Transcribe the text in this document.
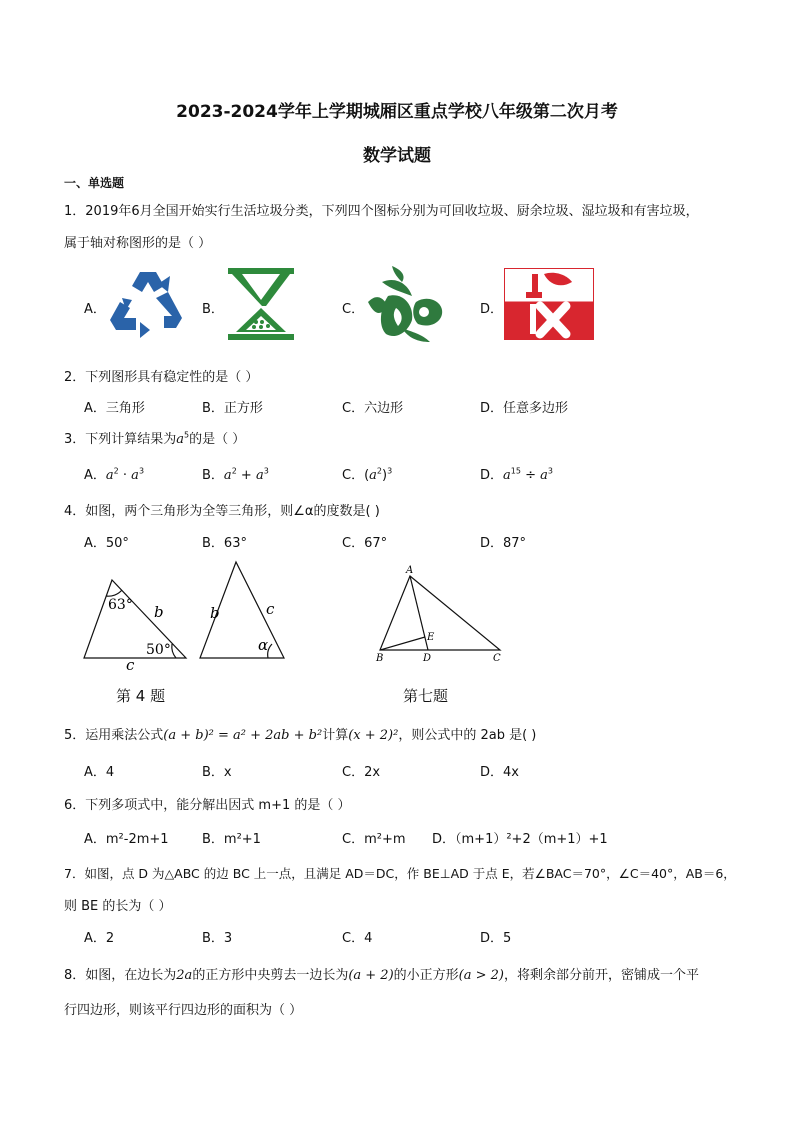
2023-2024学年上学期城厢区重点学校八年级第二次月考
数学试题
一、单选题
1．2019年6月全国开始实行生活垃圾分类，下列四个图标分别为可回收垃圾、厨余垃圾、湿垃圾和有害垃圾，
属于轴对称图形的是（ ）
A．	B．	C．	D．
2．下列图形具有稳定性的是（ ）
A．三角形	B．正方形	C．六边形	D．任意多边形
3．下列计算结果为$a^5$的是（ ）
A．$a^2 \cdot a^3$	B．$a^2 + a^3$	C．$(a^2)^3$	D．$a^{15} \div a^3$
4．如图，两个三角形为全等三角形，则∠α的度数是( )
A．50°	B．63°	C．67°	D．87°
63° b
50°
c
b	c
α
A
B	D	C
E
第 4 题	第七题
5．运用乘法公式(a + b)² = a² + 2ab + b²计算(x + 2)²，则公式中的 2ab 是( )
A．4	B．x	C．2x	D．4x
6．下列多项式中，能分解出因式 m+1 的是（ ）
A．m²-2m+1	B．m²+1	C．m²+m D．（m+1）²+2（m+1）+1
7．如图，点 D 为△ABC 的边 BC 上一点，且满足 AD＝DC，作 BE⊥AD 于点 E，若∠BAC＝70°，∠C＝40°，AB＝6，
则 BE 的长为（ ）
A．2	B．3	C．4	D．5
8．如图，在边长为2a的正方形中央剪去一边长为(a + 2)的小正方形(a > 2)，将剩余部分前开，密铺成一个平
行四边形，则该平行四边形的面积为（ ）
